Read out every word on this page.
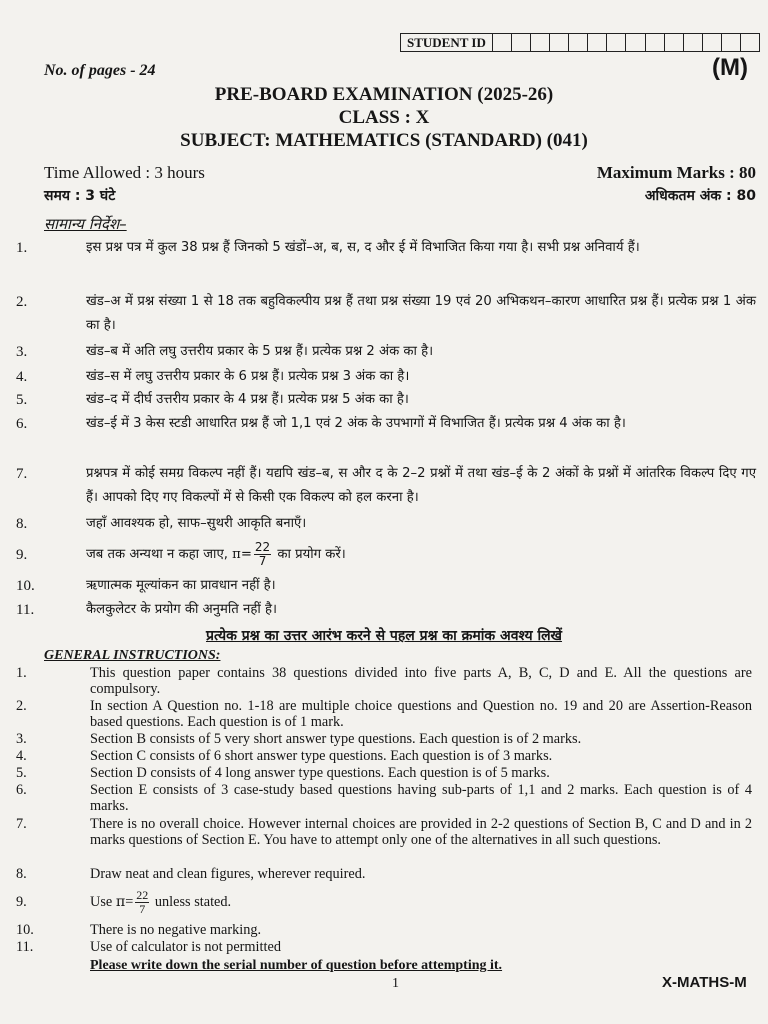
STUDENT ID
No. of pages - 24	(M)
PRE-BOARD EXAMINATION (2025-26)
CLASS : X
SUBJECT: MATHEMATICS (STANDARD) (041)
Time Allowed : 3 hours
समय : 3 घंटे
Maximum Marks : 80
अधिकतम अंक : 80
सामान्य निर्देश–
1.	इस प्रश्न पत्र में कुल 38 प्रश्न हैं जिनको 5 खंडों–अ, ब, स, द और ई में विभाजित किया गया है। सभी प्रश्न अनिवार्य हैं।
2.	खंड–अ में प्रश्न संख्या 1 से 18 तक बहुविकल्पीय प्रश्न हैं तथा प्रश्न संख्या 19 एवं 20 अभिकथन–कारण आधारित प्रश्न हैं। प्रत्येक प्रश्न 1 अंक का है।
3.	खंड–ब में अति लघु उत्तरीय प्रकार के 5 प्रश्न हैं। प्रत्येक प्रश्न 2 अंक का है।
4.	खंड–स में लघु उत्तरीय प्रकार के 6 प्रश्न हैं। प्रत्येक प्रश्न 3 अंक का है।
5.	खंड–द में दीर्घ उत्तरीय प्रकार के 4 प्रश्न हैं। प्रत्येक प्रश्न 5 अंक का है।
6.	खंड–ई में 3 केस स्टडी आधारित प्रश्न हैं जो 1,1 एवं 2 अंक के उपभागों में विभाजित हैं। प्रत्येक प्रश्न 4 अंक का है।
7.	प्रश्नपत्र में कोई समग्र विकल्प नहीं हैं। यद्यपि खंड–ब, स और द के 2–2 प्रश्नों में तथा खंड–ई के 2 अंकों के प्रश्नों में आंतरिक विकल्प दिए गए हैं। आपको दिए गए विकल्पों में से किसी एक विकल्प को हल करना है।
8.	जहाँ आवश्यक हो, साफ–सुथरी आकृति बनाएँ।
9.	जब तक अन्यथा न कहा जाए, $\pi= \frac{22}{7}$ का प्रयोग करें।
10.	ऋणात्मक मूल्यांकन का प्रावधान नहीं है।
11.	कैलकुलेटर के प्रयोग की अनुमति नहीं है।
प्रत्येक प्रश्न का उत्तर आरंभ करने से पहल प्रश्न का क्रमांक अवश्य लिखें
GENERAL INSTRUCTIONS:
1.	This question paper contains 38 questions divided into five parts A, B, C, D and E. All the questions are compulsory.
2.	In section A Question no. 1-18 are multiple choice questions and Question no. 19 and 20 are Assertion-Reason based questions. Each question is of 1 mark.
3.	Section B consists of 5 very short answer type questions. Each question is of 2 marks.
4.	Section C consists of 6 short answer type questions. Each question is of 3 marks.
5.	Section D consists of 4 long answer type questions. Each question is of 5 marks.
6.	Section E consists of 3 case-study based questions having sub-parts of 1,1 and 2 marks. Each question is of 4 marks.
7.	There is no overall choice. However internal choices are provided in 2-2 questions of Section B, C and D and in 2 marks questions of Section E. You have to attempt only one of the alternatives in all such questions.
8.	Draw neat and clean figures, wherever required.
9.	Use $\pi= \frac{22}{7}$ unless stated.
10.	There is no negative marking.
11.	Use of calculator is not permitted
Please write down the serial number of question before attempting it.
1	X-MATHS-M
